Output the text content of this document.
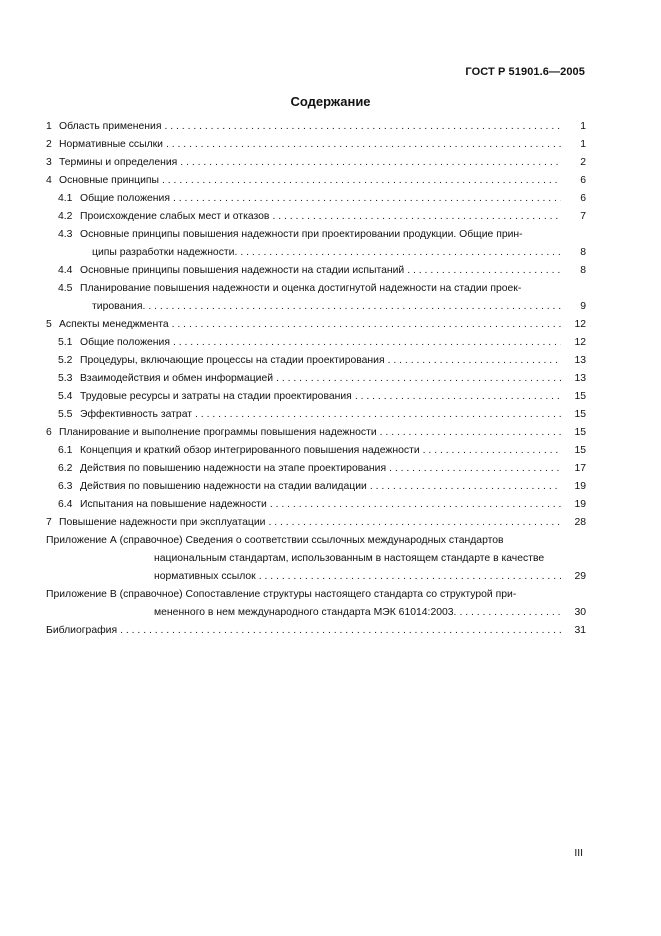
ГОСТ Р 51901.6—2005
Содержание
1 Область применения . . .	1
2 Нормативные ссылки . . .	1
3 Термины и определения . . .	2
4 Основные принципы . . .	6
4.1 Общие положения . . .	6
4.2 Происхождение слабых мест и отказов . . .	7
4.3 Основные принципы повышения надежности при проектировании продукции. Общие прин-
ципы разработки надежности. . . .	8
4.4 Основные принципы повышения надежности на стадии испытаний . . .	8
4.5 Планирование повышения надежности и оценка достигнутой надежности на стадии проек-
тирования. . . .	9
5 Аспекты менеджмента . . .	12
5.1 Общие положения . . .	12
5.2 Процедуры, включающие процессы на стадии проектирования . . .	13
5.3 Взаимодействия и обмен информацией . . .	13
5.4 Трудовые ресурсы и затраты на стадии проектирования . . .	15
5.5 Эффективность затрат . . .	15
6 Планирование и выполнение программы повышения надежности . . .	15
6.1 Концепция и краткий обзор интегрированного повышения надежности . . .	15
6.2 Действия по повышению надежности на этапе проектирования . . .	17
6.3 Действия по повышению надежности на стадии валидации . . .	19
6.4 Испытания на повышение надежности . . .	19
7 Повышение надежности при эксплуатации . . .	28
Приложение А (справочное)
Сведения о соответствии ссылочных международных стандартов
национальным стандартам, использованным в настоящем стандарте в качестве
нормативных ссылок . . .	29
Приложение В (справочное)
Сопоставление структуры настоящего стандарта со структурой при-
мененного в нем международного стандарта МЭК 61014:2003. . . .	30
Библиография . . .	31
III
